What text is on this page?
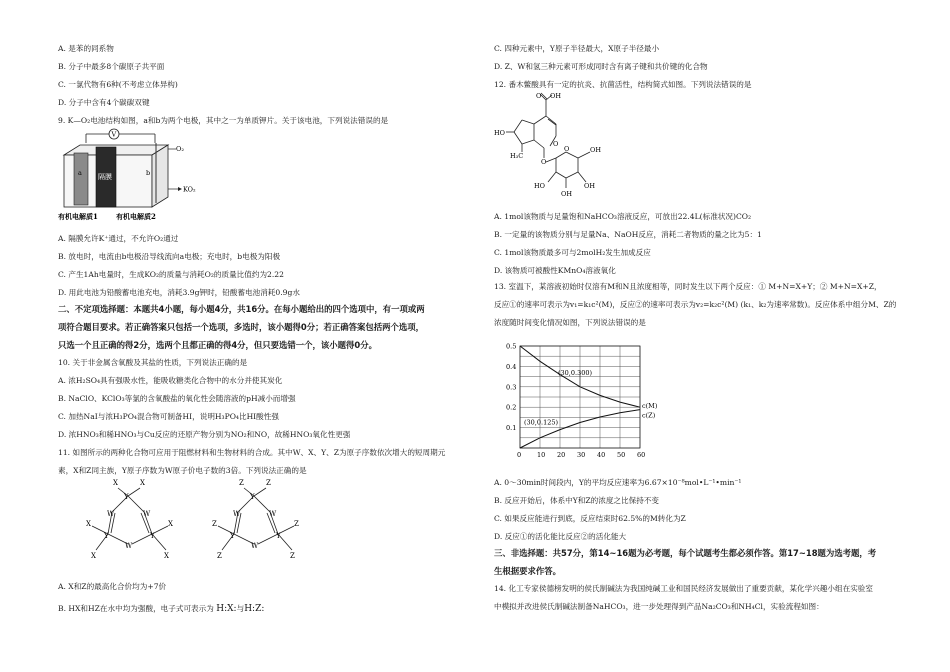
A. 是苯的同系物
B. 分子中最多8个碳原子共平面
C. 一氯代物有6种(不考虑立体异构)
D. 分子中含有4个碳碳双键
9. K—O₂电池结构如图，a和b为两个电极，其中之一为单质钾片。关于该电池，下列说法错误的是
V
隔膜
a	b
O₂
KO₂
有机电解质1	有机电解质2
A. 隔膜允许K⁺通过，不允许O₂通过
B. 放电时，电流由b电极沿导线流向a电极；充电时，b电极为阳极
C. 产生1Ah电量时，生成KO₂的质量与消耗O₂的质量比值约为2.22
D. 用此电池为铅酸蓄电池充电，消耗3.9g钾时，铅酸蓄电池消耗0.9g水
二、不定项选择题：本题共4小题，每小题4分，共16分。在每小题给出的四个选项中，有一项或两
项符合题目要求。若正确答案只包括一个选项，多选时，该小题得0分；若正确答案包括两个选项，
只选一个且正确的得2分，选两个且都正确的得4分，但只要选错一个，该小题得0分。
10. 关于非金属含氧酸及其盐的性质，下列说法正确的是
A. 浓H₂SO₄具有强吸水性，能吸收糖类化合物中的水分并使其炭化
B. NaClO、KClO₃等氯的含氧酸盐的氧化性会随溶液的pH减小而增强
C. 加热NaI与浓H₃PO₄混合物可制备HI，说明H₃PO₄比HI酸性强
D. 浓HNO₃和稀HNO₃与Cu反应的还原产物分别为NO₂和NO，故稀HNO₃氧化性更强
11. 如图所示的两种化合物可应用于阻燃材料和生物材料的合成。其中W、X、Y、Z为原子序数依次增大的短周期元
素，X和Z同主族，Y原子序数为W原子价电子数的3倍。下列说法正确的是
X	X
Y
W	W
Y	Y
W
X
X
X
X
Z	Z
Y
W	W
Y	Y
W
Z
Z
Z
Z
A. X和Z的最高化合价均为+7价
B. HX和HZ在水中均为强酸，电子式可表示为 H:X:与H:Z:
C. 四种元素中，Y原子半径最大，X原子半径最小
D. Z、W和氢三种元素可形成同时含有离子键和共价键的化合物
12. 番木鳖酸具有一定的抗炎、抗菌活性，结构简式如图。下列说法错误的是
OH
O
HO
H₃C
O
O
O	OH
HO	OH
OH
A. 1mol该物质与足量饱和NaHCO₃溶液反应，可放出22.4L(标准状况)CO₂
B. 一定量的该物质分别与足量Na、NaOH反应，消耗二者物质的量之比为5：1
C. 1mol该物质最多可与2molH₂发生加成反应
D. 该物质可被酸性KMnO₄溶液氧化
13. 室温下，某溶液初始时仅溶有M和N且浓度相等，同时发生以下两个反应：① M+N=X+Y；② M+N=X+Z，
反应①的速率可表示为v₁=k₁c²(M)，反应②的速率可表示为v₂=k₂c²(M) (k₁、k₂为速率常数)。反应体系中组分M、Z的
浓度随时间变化情况如图，下列说法错误的是
0 10 20 30 40 50 60
0.1
0.2
0.3
0.4
0.5
c(M)
c(Z)
(30,0.300)
(30,0.125)
A. 0～30min时间段内，Y的平均反应速率为6.67×10⁻⁸mol•L⁻¹•min⁻¹
B. 反应开始后，体系中Y和Z的浓度之比保持不变
C. 如果反应能进行到底，反应结束时62.5%的M转化为Z
D. 反应①的活化能比反应②的活化能大
三、非选择题：共57分，第14~16题为必考题，每个试题考生都必须作答。第17~18题为选考题，考
生根据要求作答。
14. 化工专家侯德榜发明的侯氏制碱法为我国纯碱工业和国民经济发展做出了重要贡献，某化学兴趣小组在实验室
中模拟并改进侯氏制碱法制备NaHCO₃，进一步处理得到产品Na₂CO₃和NH₄Cl，实验流程如图：
